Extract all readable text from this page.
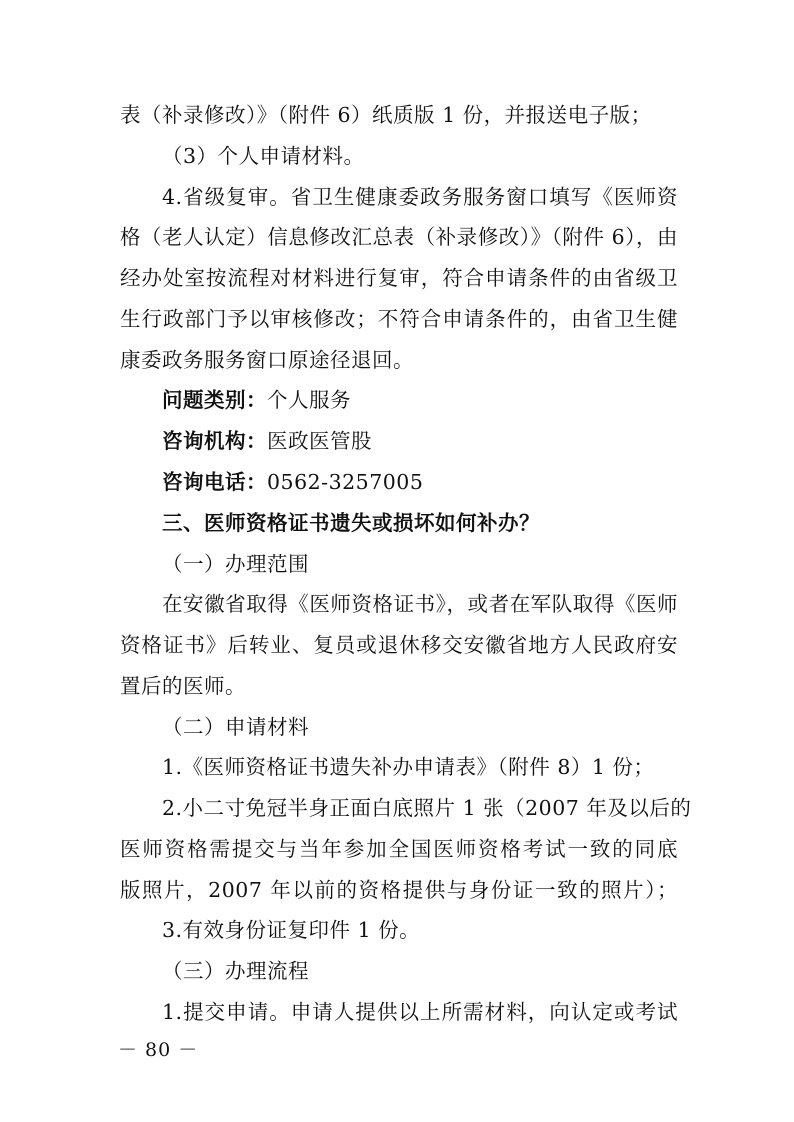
表（补录修改）》（附件 6）纸质版 1 份，并报送电子版；
（3）个人申请材料。
4.省级复审。省卫生健康委政务服务窗口填写《医师资
格（老人认定）信息修改汇总表（补录修改）》（附件 6），由
经办处室按流程对材料进行复审，符合申请条件的由省级卫
生行政部门予以审核修改；不符合申请条件的，由省卫生健
康委政务服务窗口原途径退回。
问题类别：个人服务
咨询机构：医政医管股
咨询电话：0562-3257005
三、医师资格证书遗失或损坏如何补办？
（一）办理范围
在安徽省取得《医师资格证书》，或者在军队取得《医师
资格证书》后转业、复员或退休移交安徽省地方人民政府安
置后的医师。
（二）申请材料
1.《医师资格证书遗失补办申请表》（附件 8）1 份；
2.小二寸免冠半身正面白底照片 1 张（2007 年及以后的
医师资格需提交与当年参加全国医师资格考试一致的同底
版照片，2007 年以前的资格提供与身份证一致的照片）；
3.有效身份证复印件 1 份。
（三）办理流程
1.提交申请。申请人提供以上所需材料，向认定或考试
－ 80 －
